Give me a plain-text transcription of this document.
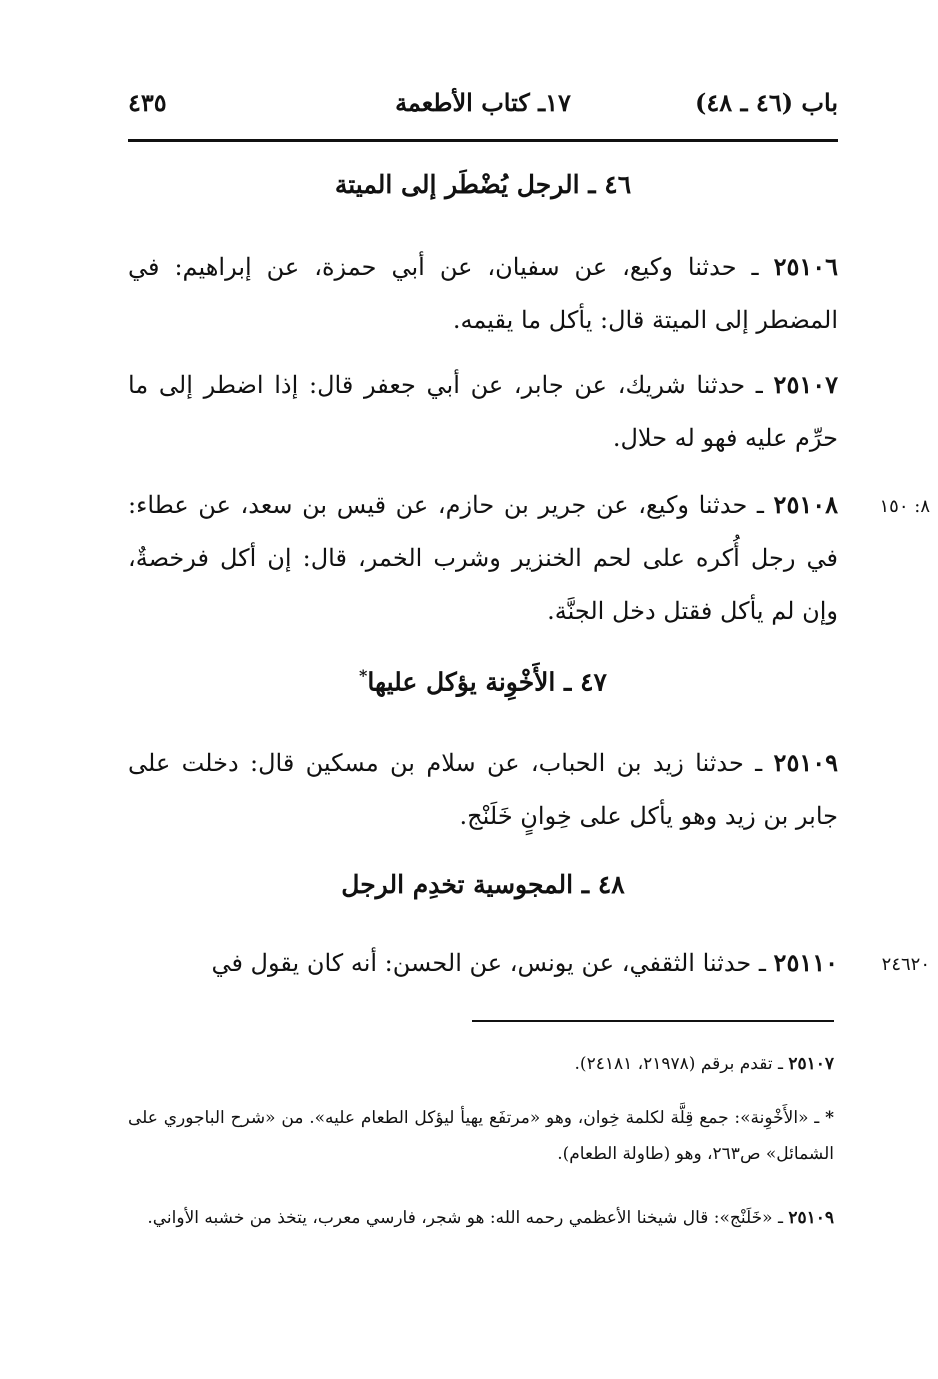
باب (٤٦ ـ ٤٨)
١٧ـ كتاب الأطعمة
٤٣٥
٤٦ ـ الرجل يُضْطَر إلى الميتة
٢٥١٠٦ ـ حدثنا وكيع، عن سفيان، عن أبي حمزة، عن إبراهيم: في المضطر إلى الميتة قال: يأكل ما يقيمه.
٢٥١٠٧ ـ حدثنا شريك، عن جابر، عن أبي جعفر قال: إذا اضطر إلى ما حرِّم عليه فهو له حلال.
٨: ١٥٠
٢٥١٠٨ ـ حدثنا وكيع، عن جرير بن حازم، عن قيس بن سعد، عن عطاء: في رجل أُكره على لحم الخنزير وشرب الخمر، قال: إن أكل فرخصةٌ، وإن لم يأكل فقتل دخل الجنَّة.
٤٧ ـ الأَخْوِنة يؤكل عليها*
٢٥١٠٩ ـ حدثنا زيد بن الحباب، عن سلام بن مسكين قال: دخلت على جابر بن زيد وهو يأكل على خِوانٍ خَلَنْج.
٤٨ ـ المجوسية تخدِم الرجل
٢٤٦٢٠
٢٥١١٠ ـ حدثنا الثقفي، عن يونس، عن الحسن: أنه كان يقول في
٢٥١٠٧ ـ تقدم برقم (٢١٩٧٨، ٢٤١٨١).
* ـ «الأَخْوِنة»: جمع قِلَّة لكلمة خِوان، وهو «مرتفَع يهيأ ليؤكل الطعام عليه». من «شرح الباجوري على الشمائل» ص٢٦٣، وهو (طاولة الطعام).
٢٥١٠٩ ـ «خَلَنْج»: قال شيخنا الأعظمي رحمه الله: هو شجر، فارسي معرب، يتخذ من خشبه الأواني.
